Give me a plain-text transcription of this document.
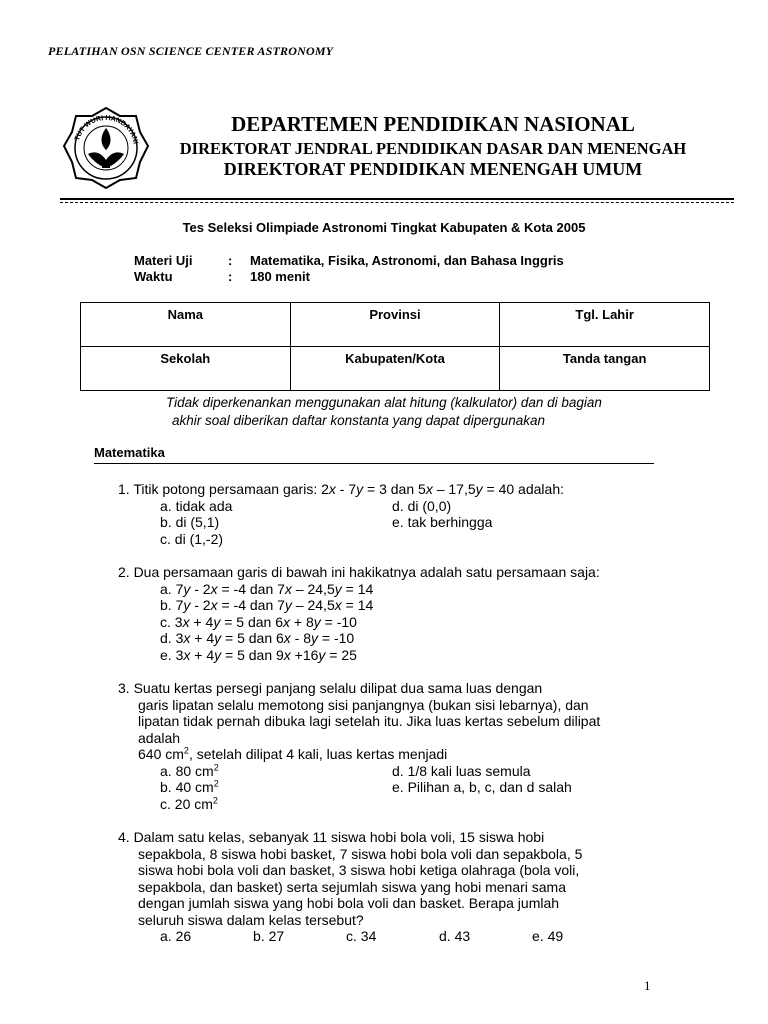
PELATIHAN OSN SCIENCE CENTER ASTRONOMY
TUT WURI HANDAYANI
DEPARTEMEN PENDIDIKAN NASIONAL
DIREKTORAT JENDRAL PENDIDIKAN DASAR DAN MENENGAH
DIREKTORAT PENDIDIKAN MENENGAH UMUM
Tes Seleksi Olimpiade Astronomi Tingkat Kabupaten & Kota 2005
Materi Uji	:	Matematika, Fisika, Astronomi, dan Bahasa Inggris
Waktu	:	180 menit
Nama	Provinsi	Tgl. Lahir
Sekolah	Kabupaten/Kota	Tanda tangan
Tidak diperkenankan menggunakan alat hitung (kalkulator) dan di bagian
akhir soal diberikan daftar konstanta yang dapat dipergunakan
Matematika
1. Titik potong persamaan garis: 2x - 7y = 3 dan 5x – 17,5y = 40 adalah:
a. tidak ada	d. di (0,0)
b. di (5,1)	e. tak berhingga
c. di (1,-2)
2. Dua persamaan garis di bawah ini hakikatnya adalah satu persamaan saja:
a. 7y - 2x = -4 dan 7x – 24,5y = 14
b. 7y - 2x = -4 dan 7y – 24,5x = 14
c. 3x + 4y = 5 dan 6x + 8y = -10
d. 3x + 4y = 5 dan 6x - 8y = -10
e. 3x + 4y = 5 dan 9x +16y = 25
3. Suatu kertas persegi panjang selalu dilipat dua sama luas dengan
garis lipatan selalu memotong sisi panjangnya (bukan sisi lebarnya), dan
lipatan tidak pernah dibuka lagi setelah itu. Jika luas kertas sebelum dilipat
adalah
640 $cm^2$, setelah dilipat 4 kali, luas kertas menjadi
a. 80 $cm^2$	d. 1/8 kali luas semula
b. 40 $cm^2$	e. Pilihan a, b, c, dan d salah
c. 20 $cm^2$
4. Dalam satu kelas, sebanyak 11 siswa hobi bola voli, 15 siswa hobi
sepakbola, 8 siswa hobi basket, 7 siswa hobi bola voli dan sepakbola, 5
siswa hobi bola voli dan basket, 3 siswa hobi ketiga olahraga (bola voli,
sepakbola, dan basket) serta sejumlah siswa yang hobi menari sama
dengan jumlah siswa yang hobi bola voli dan basket. Berapa jumlah
seluruh siswa dalam kelas tersebut?
a. 26	b. 27	c. 34	d. 43	e. 49
1
